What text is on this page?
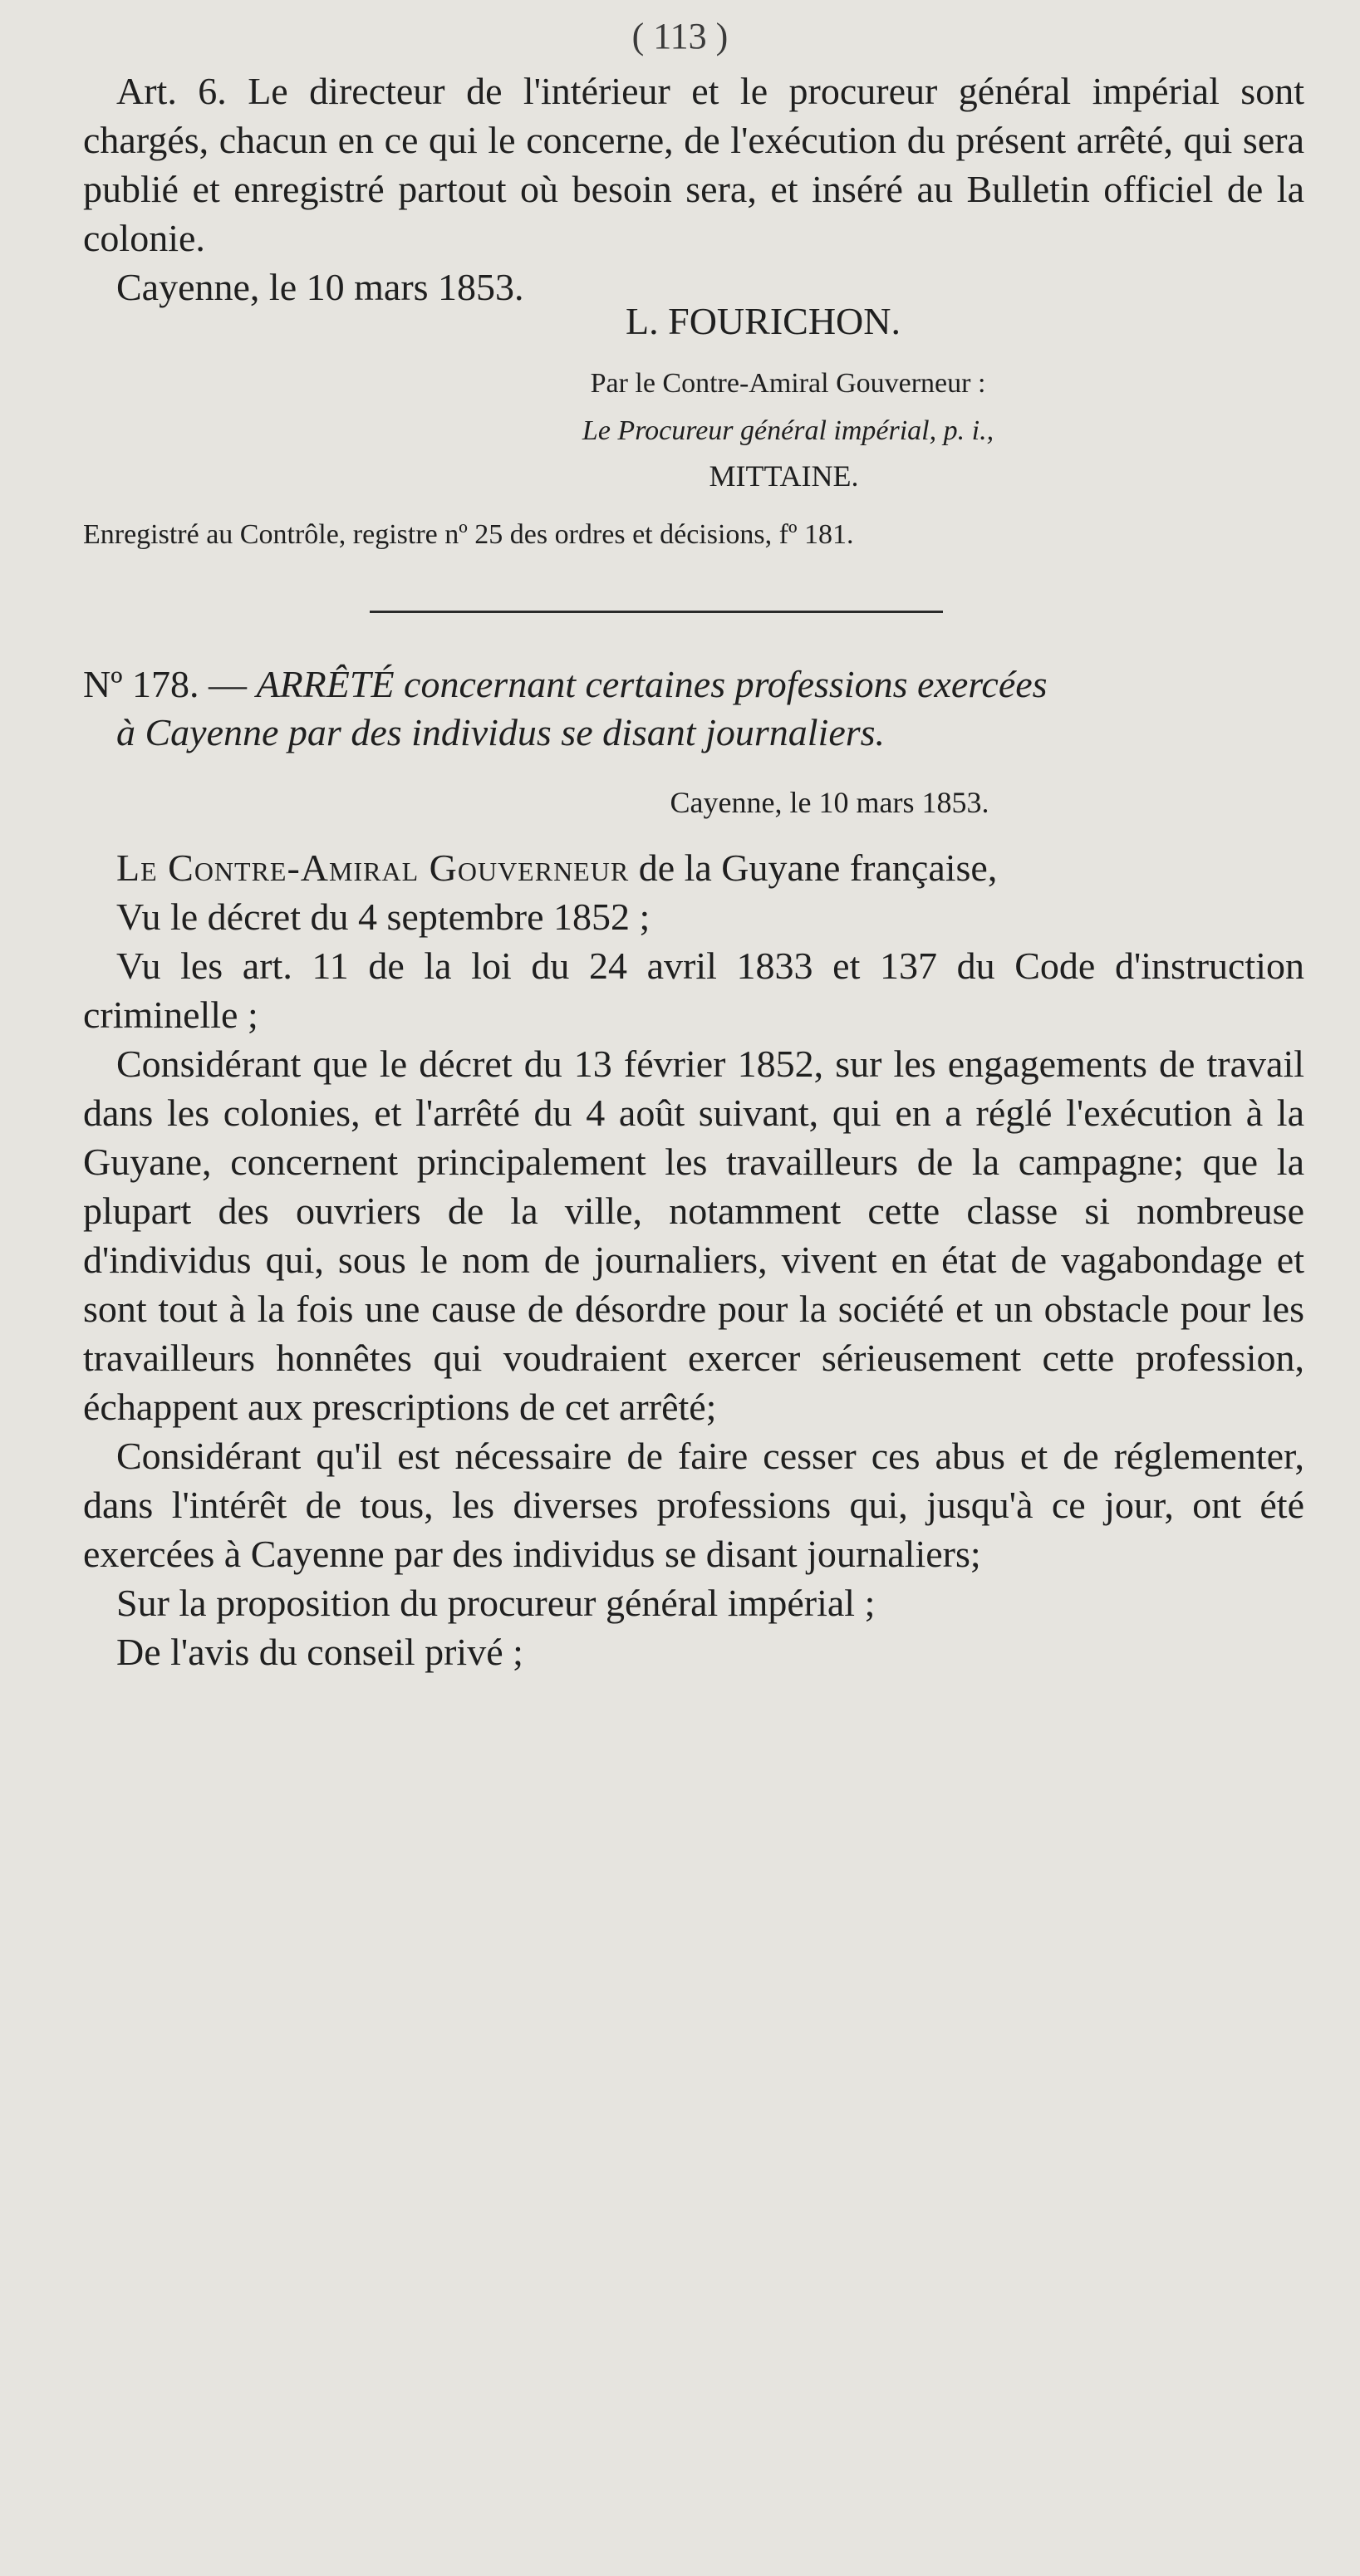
( 113 )

Art. 6. Le directeur de l'intérieur et le procureur général impérial sont chargés, chacun en ce qui le concerne, de l'exécution du présent arrêté, qui sera publié et enregistré partout où besoin sera, et inséré au Bulletin officiel de la colonie.

Cayenne, le 10 mars 1853.

L. FOURICHON.
Par le Contre-Amiral Gouverneur :
Le Procureur général impérial, p. i.,
MITTAINE.
Enregistré au Contrôle, registre nº 25 des ordres et décisions, fº 181.
Nº 178. — ARRÊTÉ concernant certaines professions exercées
à Cayenne par des individus se disant journaliers.
Cayenne, le 10 mars 1853.

Le Contre-Amiral Gouverneur de la Guyane française,

Vu le décret du 4 septembre 1852 ;

Vu les art. 11 de la loi du 24 avril 1833 et 137 du Code d'instruction criminelle ;

Considérant que le décret du 13 février 1852, sur les engagements de travail dans les colonies, et l'arrêté du 4 août suivant, qui en a réglé l'exécution à la Guyane, concernent principalement les travailleurs de la campagne; que la plupart des ouvriers de la ville, notamment cette classe si nombreuse d'individus qui, sous le nom de journaliers, vivent en état de vagabondage et sont tout à la fois une cause de désordre pour la société et un obstacle pour les travailleurs honnêtes qui voudraient exercer sérieusement cette profession, échappent aux prescriptions de cet arrêté;

Considérant qu'il est nécessaire de faire cesser ces abus et de réglementer, dans l'intérêt de tous, les diverses professions qui, jusqu'à ce jour, ont été exercées à Cayenne par des individus se disant journaliers;

Sur la proposition du procureur général impérial ;

De l'avis du conseil privé ;
